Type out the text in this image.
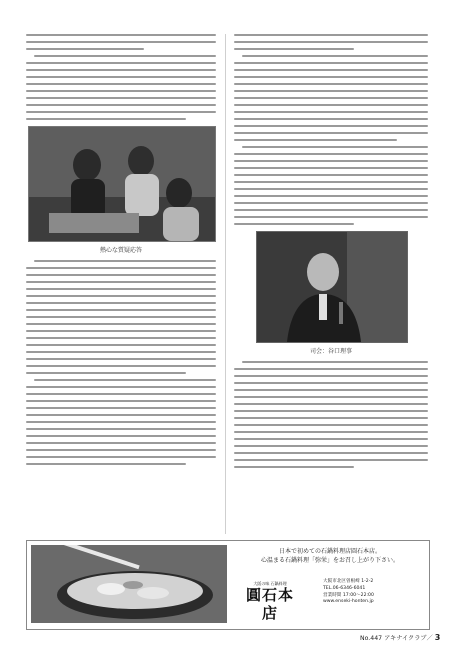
熱心な質疑応答
司会：谷口理事
日本で初めての石鍋料理店圓石本店。
心温まる石鍋料理「弥栄」をお召し上がり下さい。
大阪の味 石鍋料理
圓石本店
大阪市北区曽根崎 1-2-2
TEL.06-6346-6041
営業時間 17:00〜22:00
www.enseki-honten.jp
No.447 アキナイクラブ／ 3
